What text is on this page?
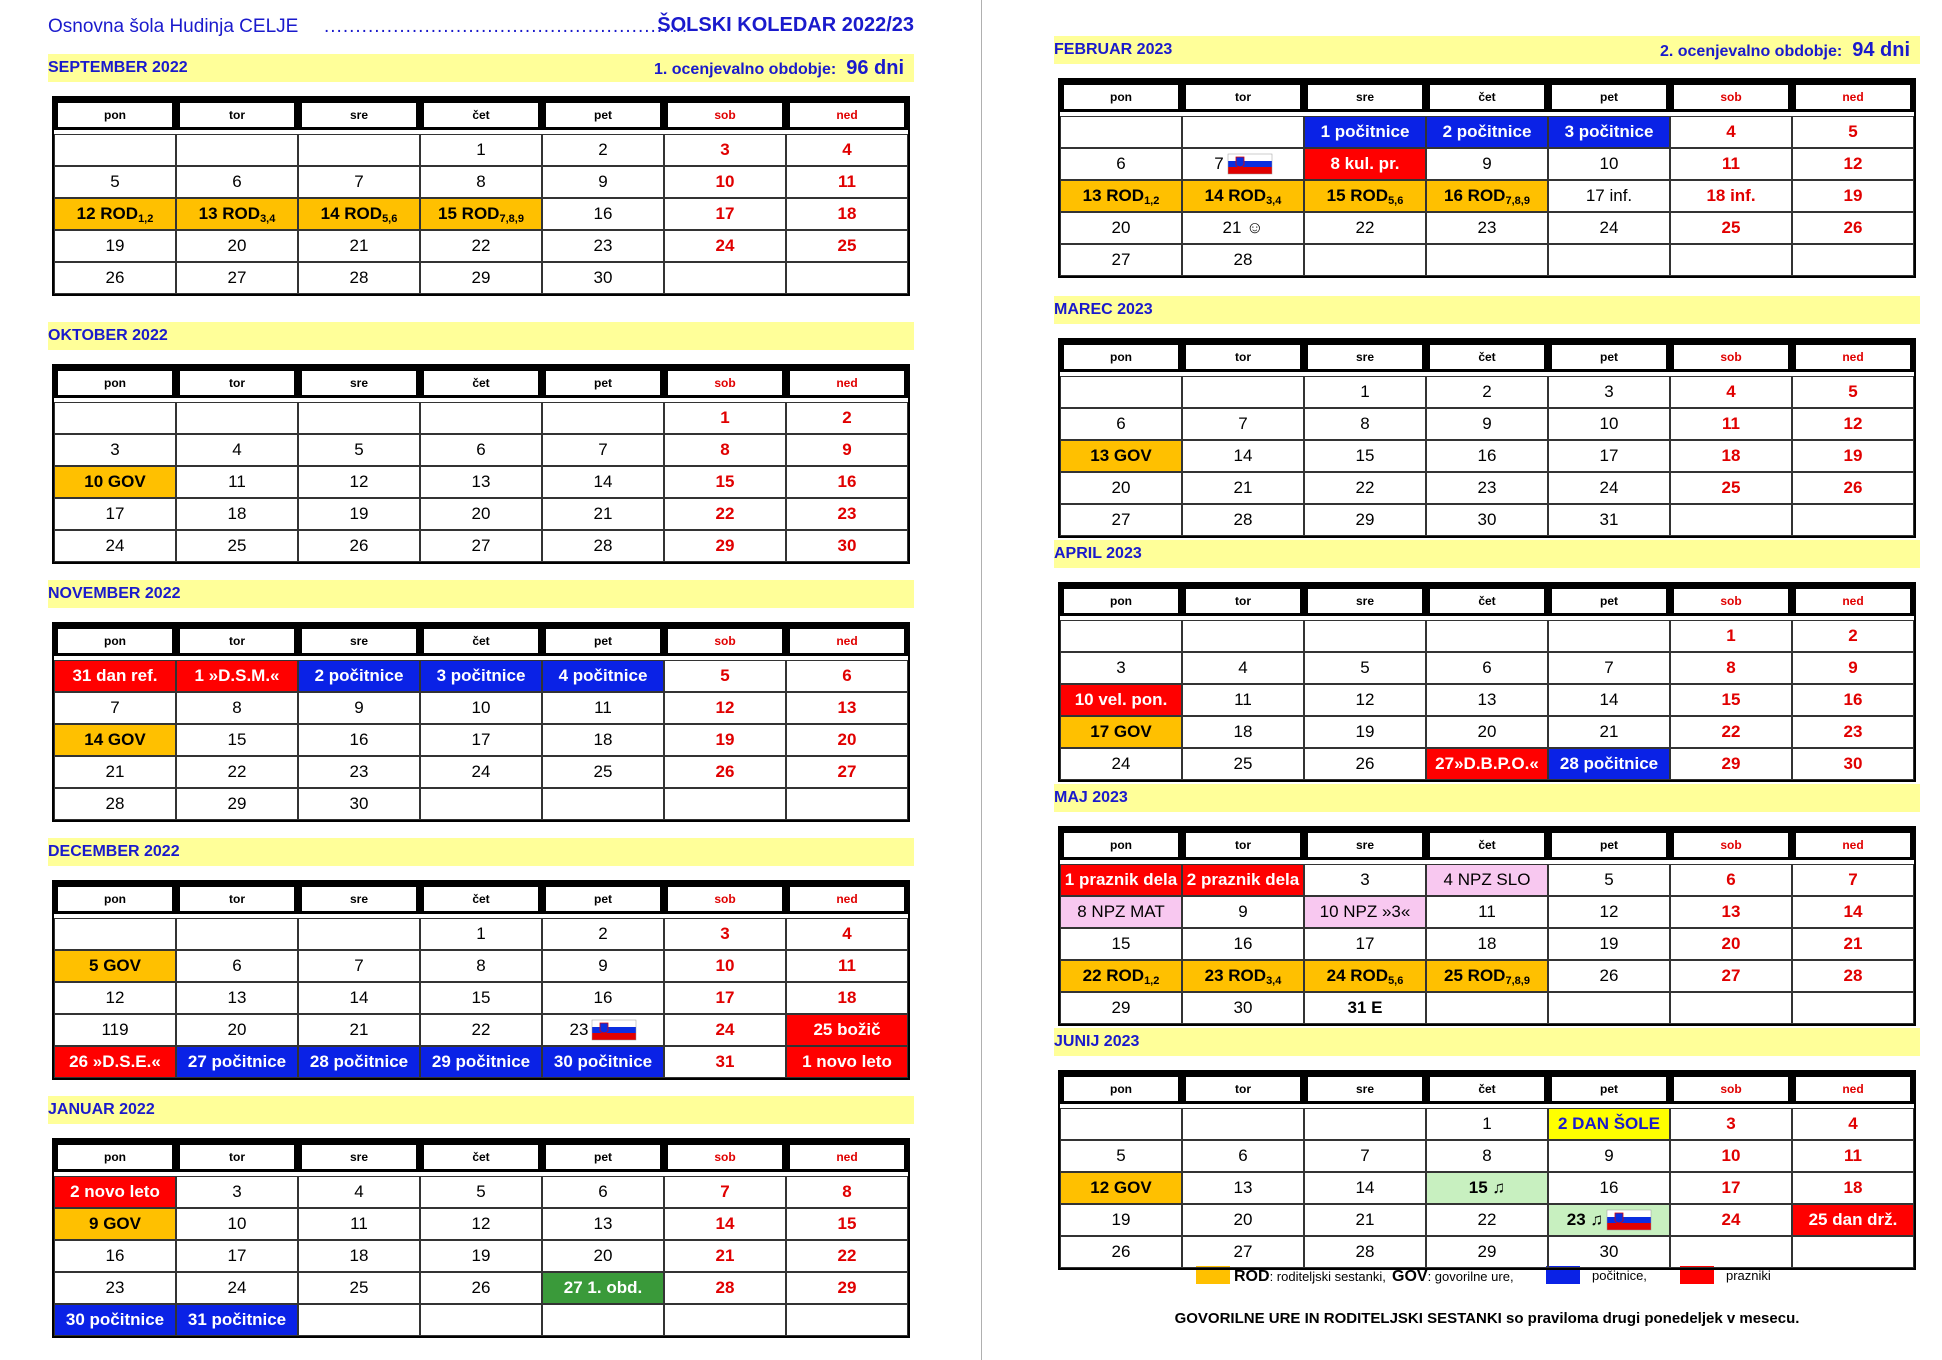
Osnovna šola Hudinja CELJE ..........................................................
ŠOLSKI KOLEDAR 2022/23
SEPTEMBER 2022	1. ocenjevalno obdobje: 96 dni
pon	tor	sre	čet	pet	sob	ned

			1	2	3	4
5	6	7	8	9	10	11
12 $ROD_{1,2}$	13 $ROD_{3,4}$	14 $ROD_{5,6}$	15 $ROD_{7,8,9}$	16	17	18
19	20	21	22	23	24	25
26	27	28	29	30		
OKTOBER 2022
pon	tor	sre	čet	pet	sob	ned

					1	2
3	4	5	6	7	8	9
10 GOV	11	12	13	14	15	16
17	18	19	20	21	22	23
24	25	26	27	28	29	30
NOVEMBER 2022
pon	tor	sre	čet	pet	sob	ned

31 dan ref.	1 »D.S.M.«	2 počitnice	3 počitnice	4 počitnice	5	6
7	8	9	10	11	12	13
14 GOV	15	16	17	18	19	20
21	22	23	24	25	26	27
28	29	30				
DECEMBER 2022
pon	tor	sre	čet	pet	sob	ned

			1	2	3	4
5 GOV	6	7	8	9	10	11
12	13	14	15	16	17	18
119	20	21	22	23	24	25 božič
26 »D.S.E.«	27 počitnice	28 počitnice	29 počitnice	30 počitnice	31	1 novo leto
JANUAR 2022
pon	tor	sre	čet	pet	sob	ned

2 novo leto	3	4	5	6	7	8
9 GOV	10	11	12	13	14	15
16	17	18	19	20	21	22
23	24	25	26	27 1. obd.	28	29
30 počitnice	31 počitnice					
ROD: roditeljski sestanki, GOV: govorilne ure,	počitnice,	prazniki
GOVORILNE URE IN RODITELJSKI SESTANKI so praviloma drugi ponedeljek v mesecu.
FEBRUAR 2023	2. ocenjevalno obdobje: 94 dni
pon	tor	sre	čet	pet	sob	ned

		1 počitnice	2 počitnice	3 počitnice	4	5
6	7	8 kul. pr.	9	10	11	12
13 $ROD_{1,2}$	14 $ROD_{3,4}$	15 $ROD_{5,6}$	16 $ROD_{7,8,9}$	17 inf.	18 inf.	19
20	21 ☺	22	23	24	25	26
27	28					
MAREC 2023
pon	tor	sre	čet	pet	sob	ned

		1	2	3	4	5
6	7	8	9	10	11	12
13 GOV	14	15	16	17	18	19
20	21	22	23	24	25	26
27	28	29	30	31		
APRIL 2023
pon	tor	sre	čet	pet	sob	ned

					1	2
3	4	5	6	7	8	9
10 vel. pon.	11	12	13	14	15	16
17 GOV	18	19	20	21	22	23
24	25	26	27»D.B.P.O.«	28 počitnice	29	30
MAJ 2023
pon	tor	sre	čet	pet	sob	ned

1 praznik dela	2 praznik dela	3	4 NPZ SLO	5	6	7
8 NPZ MAT	9	10 NPZ »3«	11	12	13	14
15	16	17	18	19	20	21
22 $ROD_{1,2}$	23 $ROD_{3,4}$	24 $ROD_{5,6}$	25 $ROD_{7,8,9}$	26	27	28
29	30	31 E				
JUNIJ 2023
pon	tor	sre	čet	pet	sob	ned

			1	2 DAN ŠOLE	3	4
5	6	7	8	9	10	11
12 GOV	13	14	15 ♫	16	17	18
19	20	21	22	23 ♫	24	25 dan drž.
26	27	28	29	30		
